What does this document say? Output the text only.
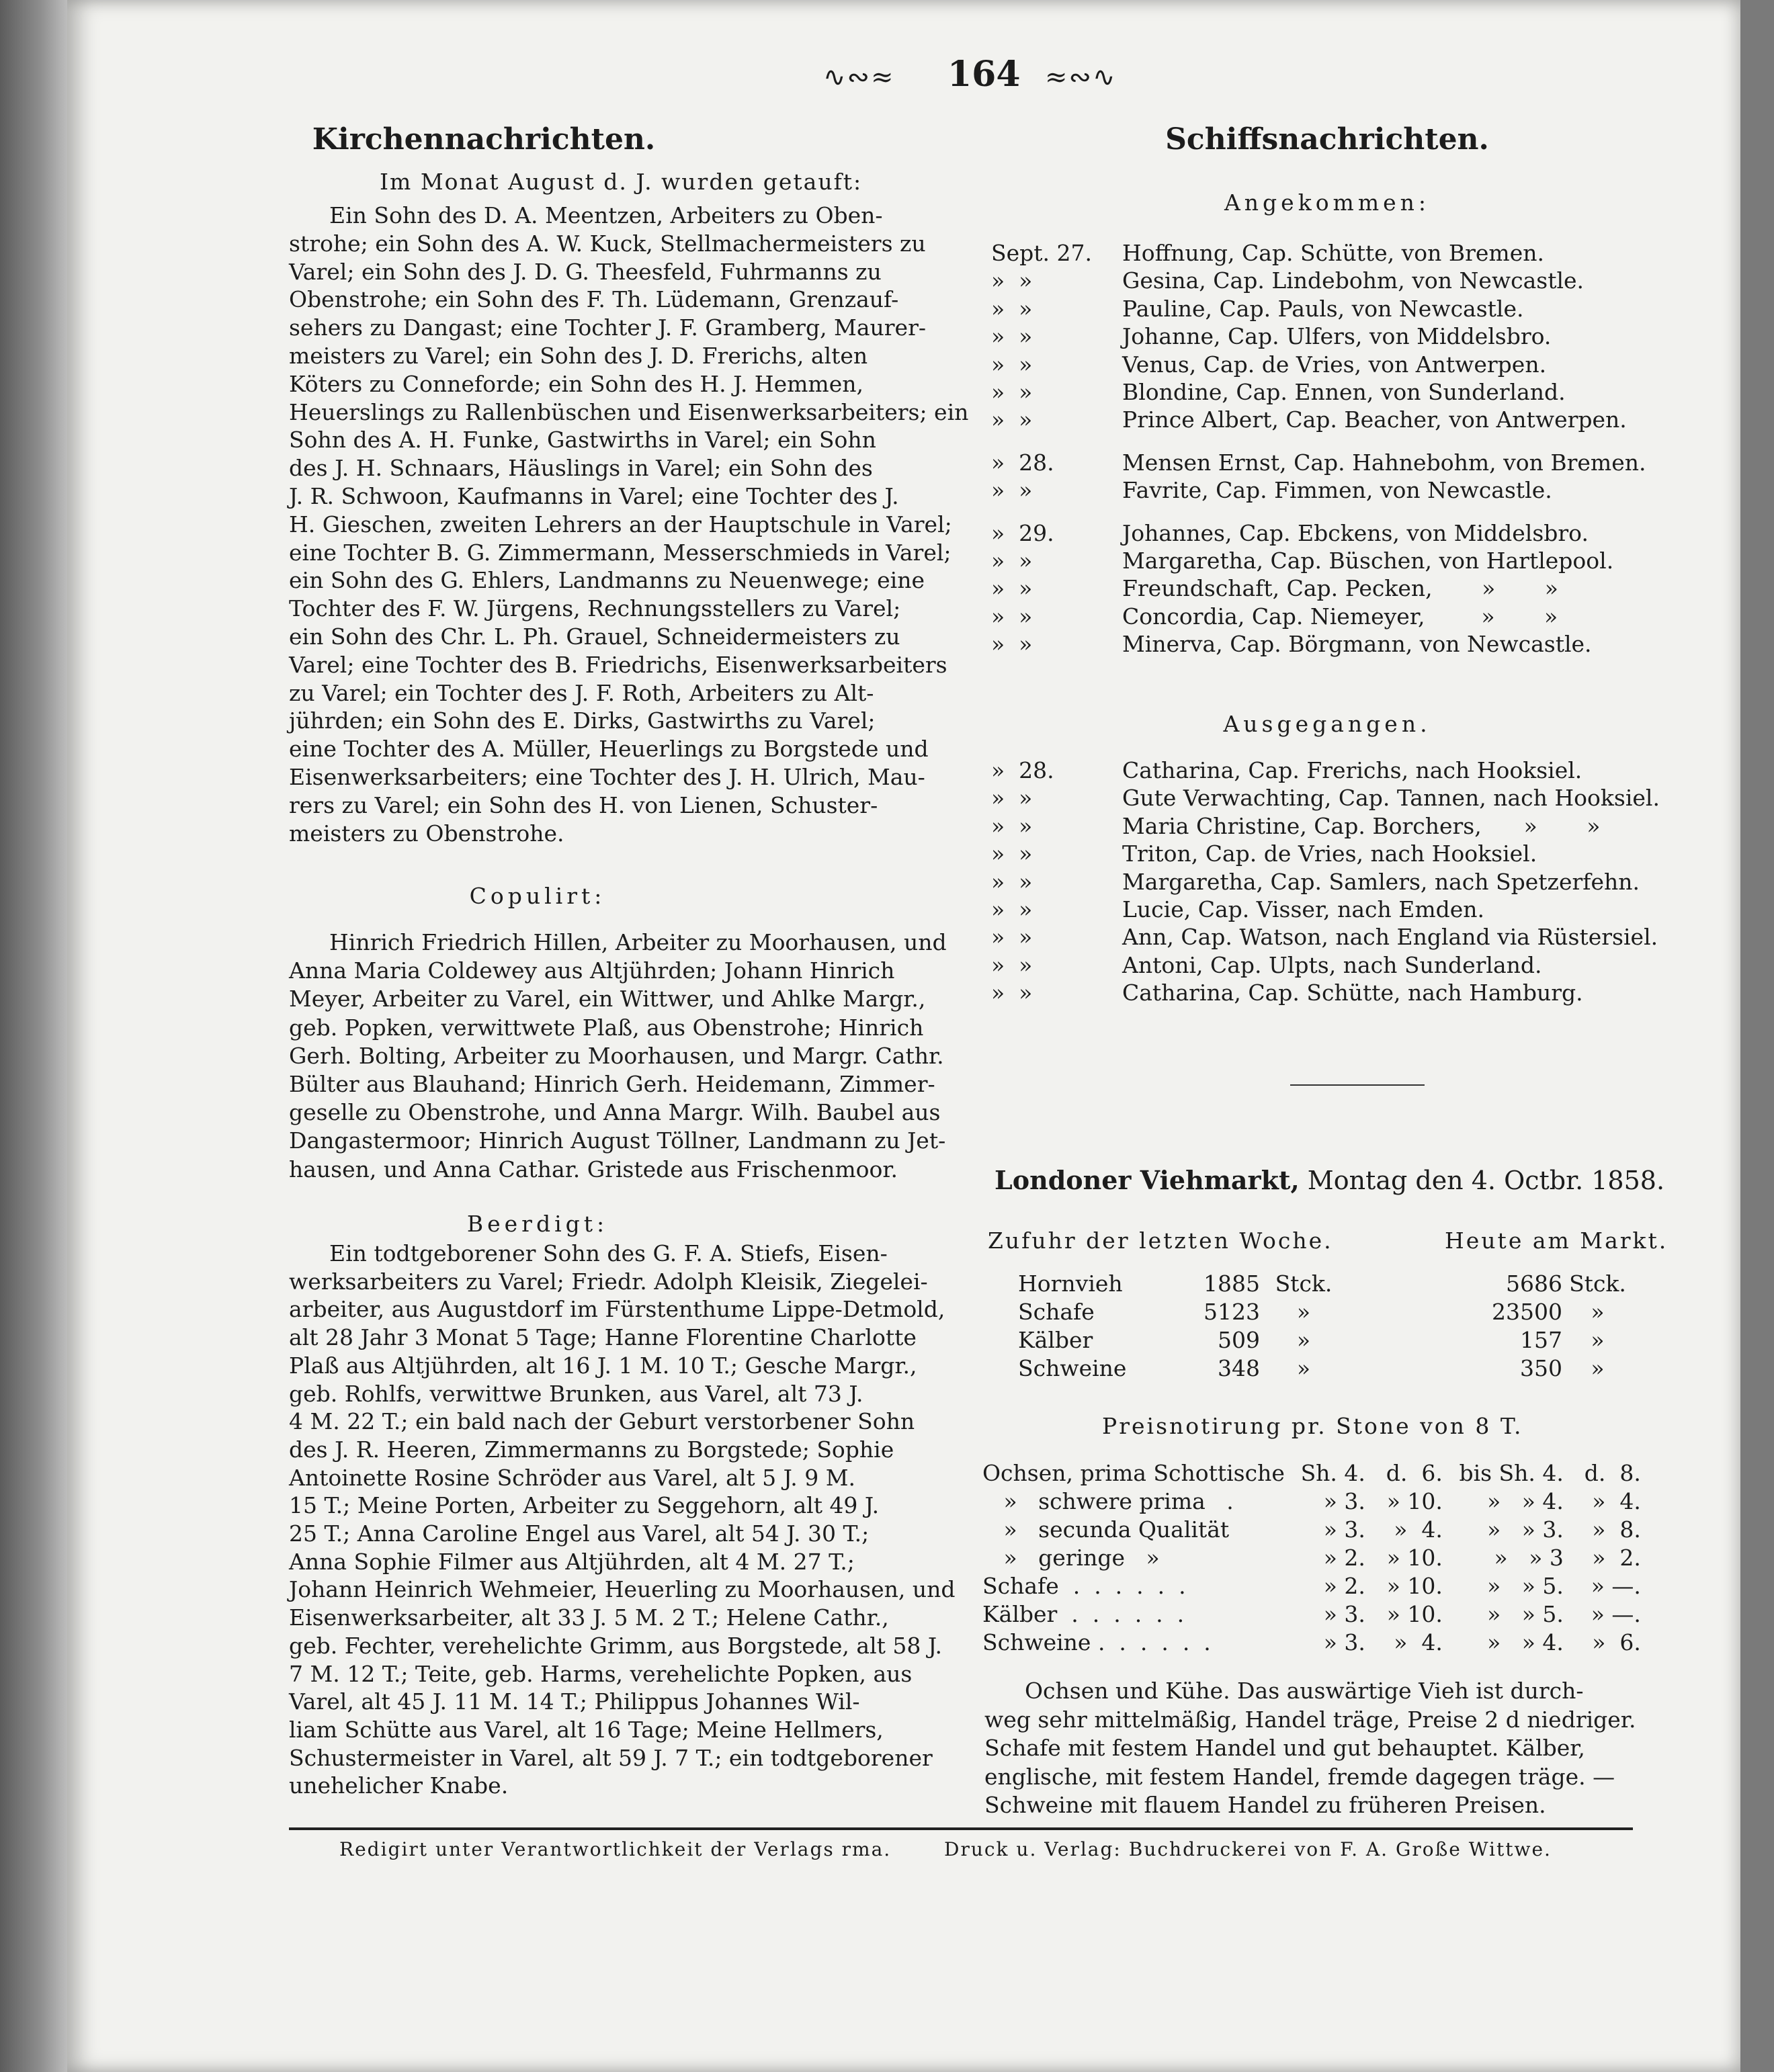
∿∾≈ 164 ≈∾∿
Kirchennachrichten.
Im Monat August d. J. wurden getauft:
Ein Sohn des D. A. Meentzen, Arbeiters zu Oben-
strohe; ein Sohn des A. W. Kuck, Stellmachermeisters zu
Varel; ein Sohn des J. D. G. Theesfeld, Fuhrmanns zu
Obenstrohe; ein Sohn des F. Th. Lüdemann, Grenzauf-
sehers zu Dangast; eine Tochter J. F. Gramberg, Maurer-
meisters zu Varel; ein Sohn des J. D. Frerichs, alten
Köters zu Conneforde; ein Sohn des H. J. Hemmen,
Heuerslings zu Rallenbüschen und Eisenwerksarbeiters; ein
Sohn des A. H. Funke, Gastwirths in Varel; ein Sohn
des J. H. Schnaars, Häuslings in Varel; ein Sohn des
J. R. Schwoon, Kaufmanns in Varel; eine Tochter des J.
H. Gieschen, zweiten Lehrers an der Hauptschule in Varel;
eine Tochter B. G. Zimmermann, Messerschmieds in Varel;
ein Sohn des G. Ehlers, Landmanns zu Neuenwege; eine
Tochter des F. W. Jürgens, Rechnungsstellers zu Varel;
ein Sohn des Chr. L. Ph. Grauel, Schneidermeisters zu
Varel; eine Tochter des B. Friedrichs, Eisenwerksarbeiters
zu Varel; ein Tochter des J. F. Roth, Arbeiters zu Alt-
jührden; ein Sohn des E. Dirks, Gastwirths zu Varel;
eine Tochter des A. Müller, Heuerlings zu Borgstede und
Eisenwerksarbeiters; eine Tochter des J. H. Ulrich, Mau-
rers zu Varel; ein Sohn des H. von Lienen, Schuster-
meisters zu Obenstrohe.
Copulirt:
Hinrich Friedrich Hillen, Arbeiter zu Moorhausen, und
Anna Maria Coldewey aus Altjührden; Johann Hinrich
Meyer, Arbeiter zu Varel, ein Wittwer, und Ahlke Margr.,
geb. Popken, verwittwete Plaß, aus Obenstrohe; Hinrich
Gerh. Bolting, Arbeiter zu Moorhausen, und Margr. Cathr.
Bülter aus Blauhand; Hinrich Gerh. Heidemann, Zimmer-
geselle zu Obenstrohe, und Anna Margr. Wilh. Baubel aus
Dangastermoor; Hinrich August Töllner, Landmann zu Jet-
hausen, und Anna Cathar. Gristede aus Frischenmoor.
Beerdigt:
Ein todtgeborener Sohn des G. F. A. Stiefs, Eisen-
werksarbeiters zu Varel; Friedr. Adolph Kleisik, Ziegelei-
arbeiter, aus Augustdorf im Fürstenthume Lippe-Detmold,
alt 28 Jahr 3 Monat 5 Tage; Hanne Florentine Charlotte
Plaß aus Altjührden, alt 16 J. 1 M. 10 T.; Gesche Margr.,
geb. Rohlfs, verwittwe Brunken, aus Varel, alt 73 J.
4 M. 22 T.; ein bald nach der Geburt verstorbener Sohn
des J. R. Heeren, Zimmermanns zu Borgstede; Sophie
Antoinette Rosine Schröder aus Varel, alt 5 J. 9 M.
15 T.; Meine Porten, Arbeiter zu Seggehorn, alt 49 J.
25 T.; Anna Caroline Engel aus Varel, alt 54 J. 30 T.;
Anna Sophie Filmer aus Altjührden, alt 4 M. 27 T.;
Johann Heinrich Wehmeier, Heuerling zu Moorhausen, und
Eisenwerksarbeiter, alt 33 J. 5 M. 2 T.; Helene Cathr.,
geb. Fechter, verehelichte Grimm, aus Borgstede, alt 58 J.
7 M. 12 T.; Teite, geb. Harms, verehelichte Popken, aus
Varel, alt 45 J. 11 M. 14 T.; Philippus Johannes Wil-
liam Schütte aus Varel, alt 16 Tage; Meine Hellmers,
Schustermeister in Varel, alt 59 J. 7 T.; ein todtgeborener
unehelicher Knabe.
Schiffsnachrichten.
Angekommen:
Sept. 27.	Hoffnung, Cap. Schütte, von Bremen.
»  »	Gesina, Cap. Lindebohm, von Newcastle.
»  »	Pauline, Cap. Pauls, von Newcastle.
»  »	Johanne, Cap. Ulfers, von Middelsbro.
»  »	Venus, Cap. de Vries, von Antwerpen.
»  »	Blondine, Cap. Ennen, von Sunderland.
»  »	Prince Albert, Cap. Beacher, von Antwerpen.
»  28.	Mensen Ernst, Cap. Hahnebohm, von Bremen.
»  »	Favrite, Cap. Fimmen, von Newcastle.
»  29.	Johannes, Cap. Ebckens, von Middelsbro.
»  »	Margaretha, Cap. Büschen, von Hartlepool.
»  »	Freundschaft, Cap. Pecken,       »       »
»  »	Concordia, Cap. Niemeyer,        »       »
»  »	Minerva, Cap. Börgmann, von Newcastle.
Ausgegangen.
»  28.	Catharina, Cap. Frerichs, nach Hooksiel.
»  »	Gute Verwachting, Cap. Tannen, nach Hooksiel.
»  »	Maria Christine, Cap. Borchers,      »       »
»  »	Triton, Cap. de Vries, nach Hooksiel.
»  »	Margaretha, Cap. Samlers, nach Spetzerfehn.
»  »	Lucie, Cap. Visser, nach Emden.
»  »	Ann, Cap. Watson, nach England via Rüstersiel.
»  »	Antoni, Cap. Ulpts, nach Sunderland.
»  »	Catharina, Cap. Schütte, nach Hamburg.
Londoner Viehmarkt, Montag den 4. Octbr. 1858.
Zufuhr der letzten Woche.	Heute am Markt.
Hornvieh	1885	Stck.	5686	Stck.
Schafe	5123	»	23500	»
Kälber	509	»	157	»
Schweine	348	»	350	»
Preisnotirung pr. Stone von 8 T.
Ochsen, prima Schottische	Sh. 4.	d.  6.	bis Sh. 4.	d.  8.
»   schwere prima   .	» 3.	» 10.	»   » 4.	»  4.
»   secunda Qualität	» 3.	»  4.	»   » 3.	»  8.
»   geringe   »	» 2.	» 10.	»   » 3	»  2.
Schafe  .  .  .  .  .  .	» 2.	» 10.	»   » 5.	» —.
Kälber  .  .  .  .  .  .	» 3.	» 10.	»   » 5.	» —.
Schweine .  .  .  .  .  .	» 3.	»  4.	»   » 4.	»  6.
Ochsen und Kühe. Das auswärtige Vieh ist durch-
weg sehr mittelmäßig, Handel träge, Preise 2 d niedriger.
Schafe mit festem Handel und gut behauptet. Kälber,
englische, mit festem Handel, fremde dagegen träge. —
Schweine mit flauem Handel zu früheren Preisen.
Redigirt unter Verantwortlichkeit der Verlags rma.	Druck u. Verlag: Buchdruckerei von F. A. Große Wittwe.
